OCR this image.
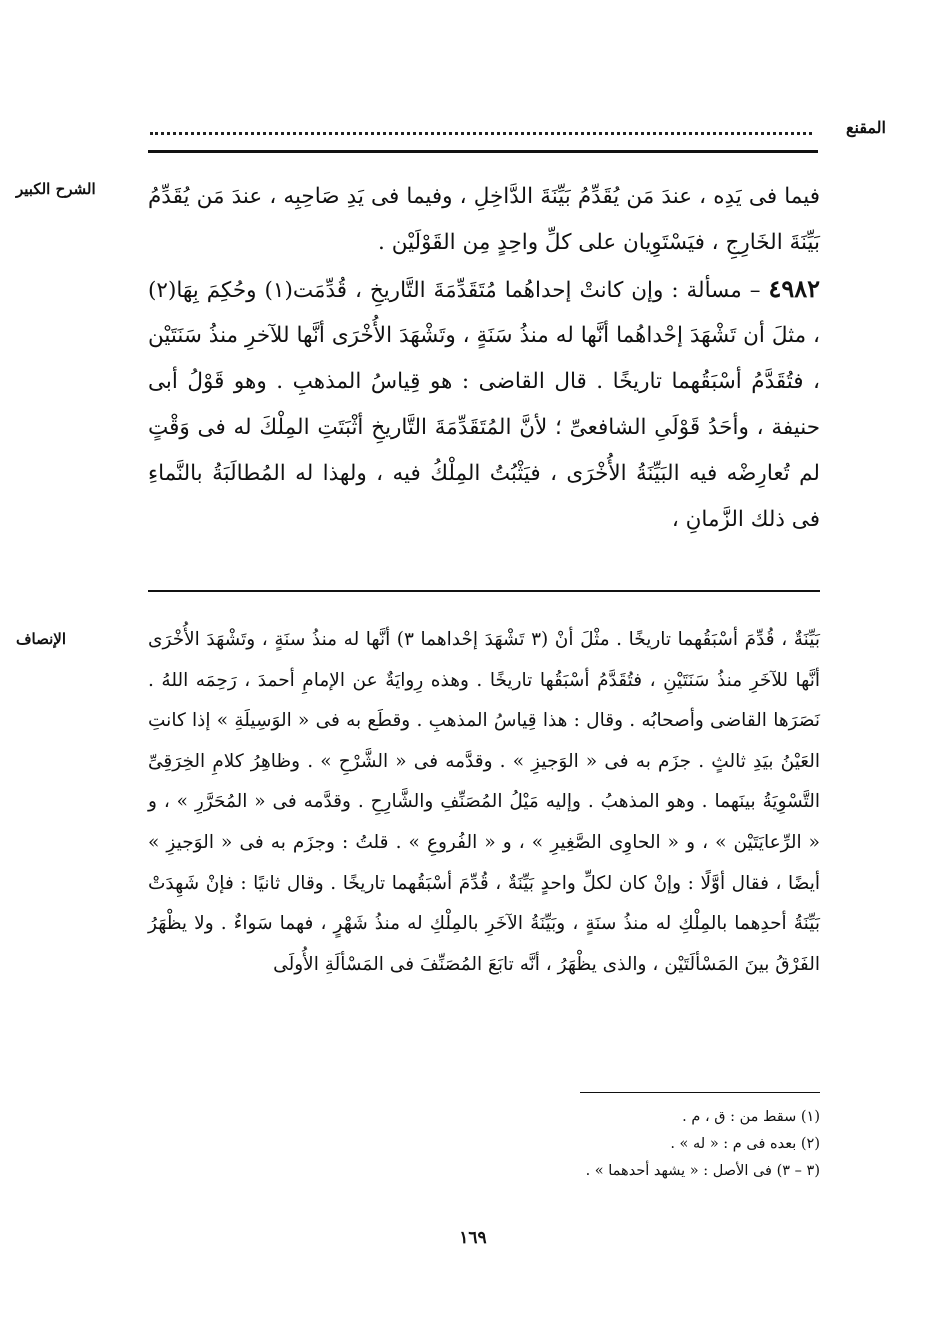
المقنع
الشرح الكبير	فيما فى يَدِه ، عندَ مَن يُقَدِّمُ بَيِّنَةَ الدَّاخِلِ ، وفيما فى يَدِ صَاحِبِه ، عندَ مَن يُقَدِّمُ بَيِّنَةَ الخَارِجِ ، فيَسْتَوِيان على كلِّ واحِدٍ مِن القَوْلَيْن .

٤٩٨٢ – مسألة : وإن كانتْ إحداهُما مُتَقَدِّمَةَ التَّاريخِ ، قُدِّمَت(١) وحُكِمَ بِهَا(٢) ، مثلَ أن تَشْهَدَ إحْداهُما أنَّها له منذُ سَنَةٍ ، وتَشْهَدَ الأُخْرَى أنَّها للآخرِ منذُ سَنَتَيْن ، فتُقَدَّمُ أسْبَقُهما تاريخًا . قال القاضى : هو قِياسُ المذهبِ . وهو قَوْلُ أبى حنيفة ، وأحَدُ قَوْلَىِ الشافعىِّ ؛ لأنَّ المُتَقَدِّمَةَ التَّاريخِ أثْبَتَتِ المِلْكَ له فى وَقْتٍ لم تُعارِضْه فيه البَيِّنَةُ الأُخْرَى ، فيَثْبُتُ المِلْكُ فيه ، ولهذا له المُطالَبَةُ بالنَّماءِ فى ذلك الزَّمانِ ،

الإنصاف	بَيِّنَةٌ ، قُدِّمَ أسْبَقُهما تاريخًا . مثْلَ أنْ (٣ تَشْهَدَ إحْداهما ٣) أنَّها له منذُ سنَةٍ ، وتَشْهَدَ الأُخْرَى أنَّها للآخَرِ منذُ سَنَتَيْنِ ، فتُقَدَّمُ أسْبَقُها تاريخًا . وهذه رِوايَةٌ عن الإمامِ أحمدَ ، رَحِمَه اللهُ . نَصَرَها القاضى وأصحابُه . وقال : هذا قِياسُ المذهبِ . وقطَع به فى « الوَسِيلَةِ » إذا كانتِ العَيْنُ بيَدِ ثالثٍ . جزَم به فى « الوَجيزِ » . وقدَّمه فى « الشَّرْحِ » . وظاهِرُ كلامِ الخِرَقِىِّ التَّسْوِيَةُ بينَهما . وهو المذهبُ . وإليه مَيْلُ المُصَنِّفِ والشَّارِحِ . وقدَّمه فى « المُحَرَّرِ » ، و « الرِّعايَتَيْن » ، و « الحاوِى الصَّغِيرِ » ، و « الفُروعِ » . قلتُ : وجزَم به فى « الوَجيزِ » أيضًا ، فقال أوَّلًا : وإنْ كان لكلِّ واحدٍ بَيِّنَةٌ ، قُدِّمَ أسْبَقُهما تاريخًا . وقال ثانيًا : فإنْ شَهِدَتْ بَيِّنَةُ أحدِهما بالمِلْكِ له منذُ سنَةٍ ، وبَيِّنَةُ الآخَرِ بالمِلْكِ له منذُ شَهْرٍ ، فهما سَواءٌ . ولا يظْهَرُ الفَرْقُ بينَ المَسْألَتَيْن ، والذى يظْهَرُ ، أنَّه تابَعَ المُصَنِّفَ فى المَسْألَةِ الأُولَى

(١) سقط من : ق ، م .
(٢) بعده فى م : « له » .
(٣ – ٣) فى الأصل : « يشهد أحدهما » .
١٦٩
